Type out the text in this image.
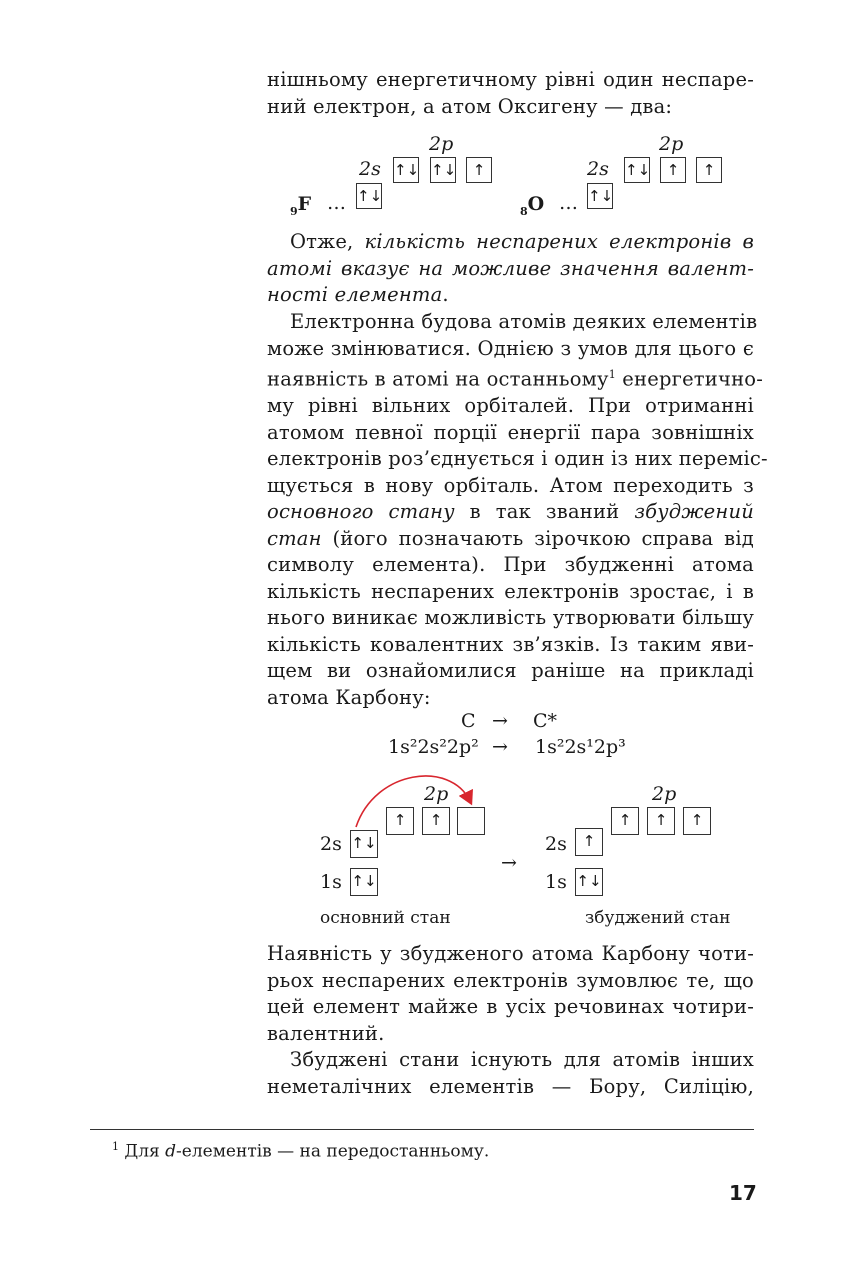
нішньому енергетичному рівні один неспаре-
ний електрон, а атом Оксигену — два:
$_9$F …
2s
2p
↑↓
↑↓ ↑↓	↑
$_8$O …
2s
2p
↑↓
↑↓	↑	↑
Отже, кількість неспарених електронів в
атомі вказує на можливе значення валент-
ності елемента.
Електронна будова атомів деяких елементів
може змінюватися. Однією з умов для цього є
наявність в атомі на останньому$^1$ енергетично-
му рівні вільних орбіталей. При отриманні
атомом певної порції енергії пара зовнішніх
електронів роз’єднується і один із них переміс-
щується в нову орбіталь. Атом переходить з
основного стану в так званий збуджений
стан (його позначають зірочкою справа від
символу елемента). При збудженні атома
кількість неспарених електронів зростає, і в
нього виникає можливість утворювати більшу
кількість ковалентних зв’язків. Із таким яви-
щем ви ознайомилися раніше на прикладі
атома Карбону:
C → C*
1s²2s²2p² → 1s²2s¹2p³
2p
↑	↑
2s ↑↓
1s ↑↓
основний стан
→
2p
↑	↑	↑
2s	↑
1s ↑↓
збуджений стан
Наявність у збудженого атома Карбону чоти-
рьох неспарених електронів зумовлює те, що
цей елемент майже в усіх речовинах чотири-
валентний.
Збуджені стани існують для атомів інших
неметалічних елементів — Бору, Силіцію,
$^1$ Для d-елементів — на передостанньому.
17
